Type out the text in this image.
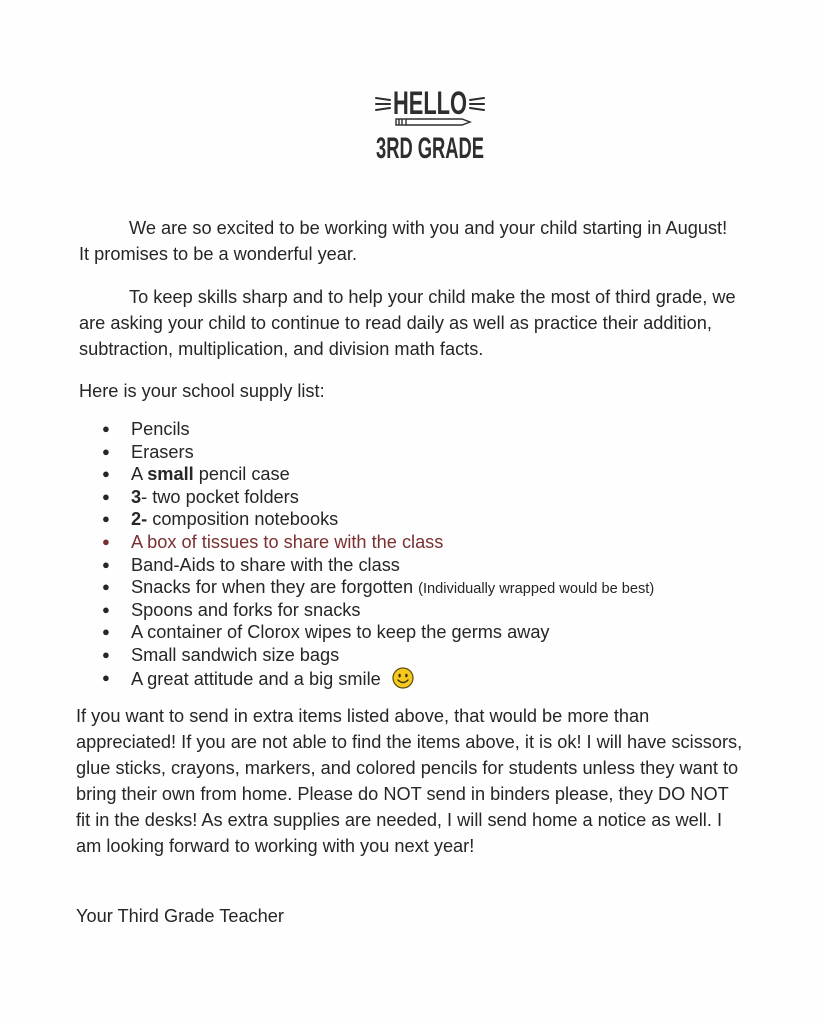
HELLO
3RD GRADE

We are so excited to be working with you and your child starting in August! It promises to be a wonderful year.

To keep skills sharp and to help your child make the most of third grade, we are asking your child to continue to read daily as well as practice their addition, subtraction, multiplication, and division math facts.

Here is your school supply list:

● Pencils
● Erasers
● A small pencil case
● 3- two pocket folders
● 2- composition notebooks
● A box of tissues to share with the class
● Band-Aids to share with the class
● Snacks for when they are forgotten (Individually wrapped would be best)
● Spoons and forks for snacks
● A container of Clorox wipes to keep the germs away
● Small sandwich size bags
● A great attitude and a big smile

If you want to send in extra items listed above, that would be more than appreciated! If you are not able to find the items above, it is ok! I will have scissors, glue sticks, crayons, markers, and colored pencils for students unless they want to bring their own from home. Please do NOT send in binders please, they DO NOT fit in the desks! As extra supplies are needed, I will send home a notice as well. I am looking forward to working with you next year!

Your Third Grade Teacher
